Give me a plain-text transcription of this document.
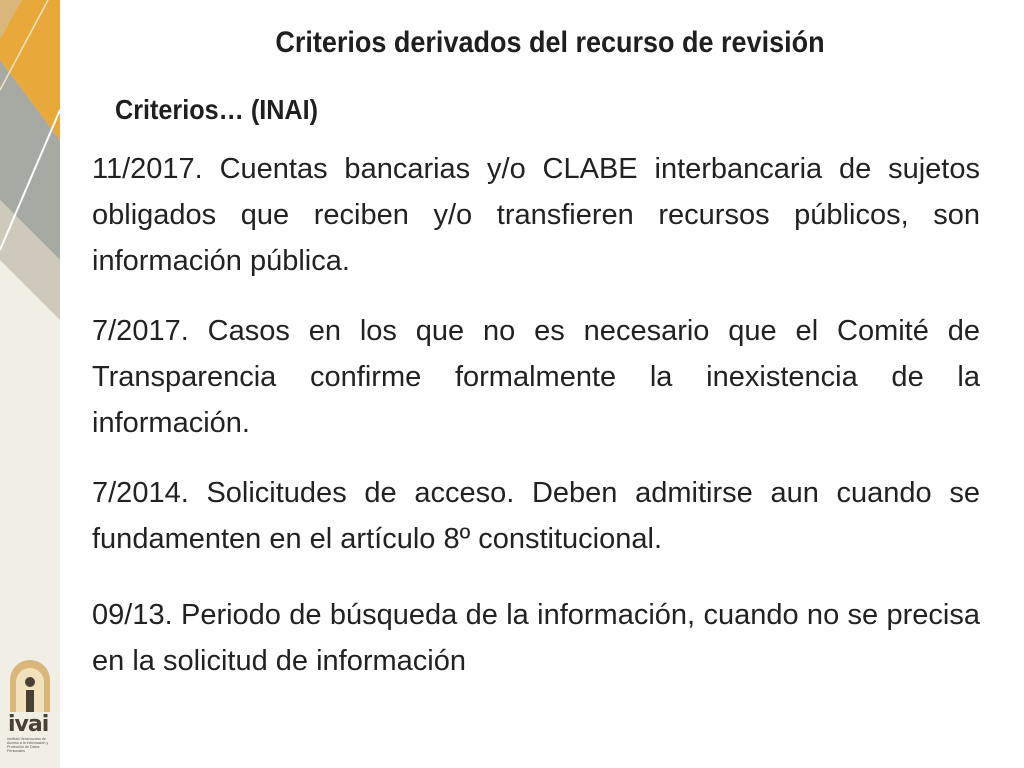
Criterios derivados del recurso de revisión
Criterios… (INAI)
11/2017. Cuentas bancarias y/o CLABE interbancaria de sujetos obligados que reciben y/o transfieren recursos públicos, son información pública.
7/2017. Casos en los que no es necesario que el Comité de Transparencia confirme formalmente la inexistencia de la información.
7/2014. Solicitudes de acceso. Deben admitirse aun cuando se fundamenten en el artículo 8º constitucional.
09/13. Periodo de búsqueda de la información, cuando no se precisa en la solicitud de información
ivai
Instituto Veracruzano de Acceso a la Información y Protección de Datos Personales
